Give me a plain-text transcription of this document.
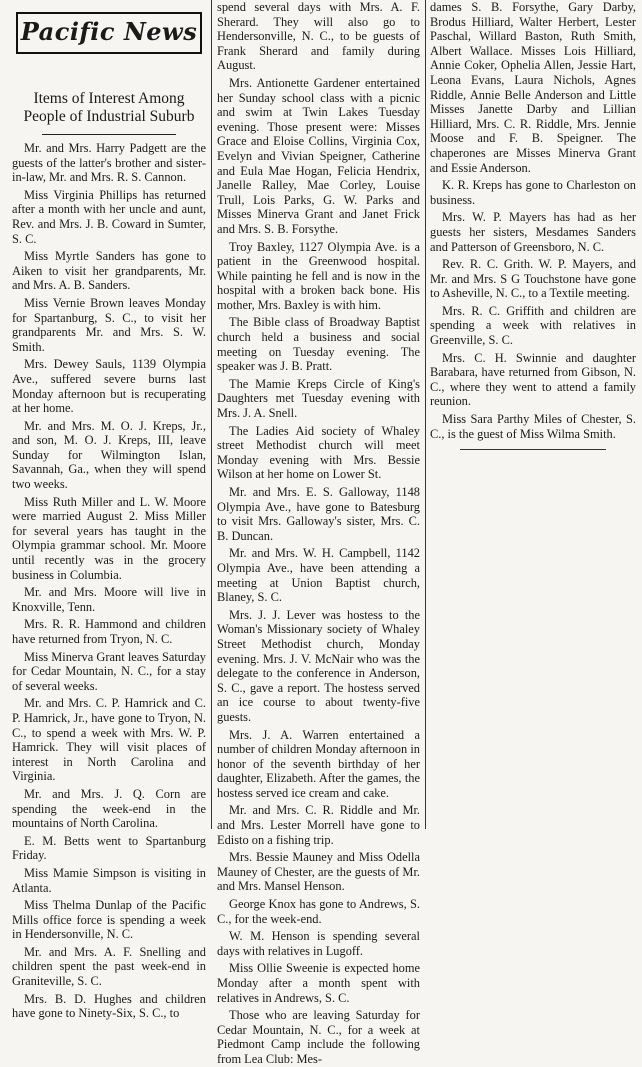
Pacific News
Items of Interest Among
People of Industrial Suburb

Mr. and Mrs. Harry Padgett are the guests of the latter's brother and sister-in-law, Mr. and Mrs. R. S. Cannon.

Miss Virginia Phillips has returned after a month with her uncle and aunt, Rev. and Mrs. J. B. Coward in Sumter, S. C.

Miss Myrtle Sanders has gone to Aiken to visit her grandparents, Mr. and Mrs. A. B. Sanders.

Miss Vernie Brown leaves Monday for Spartanburg, S. C., to visit her grandparents Mr. and Mrs. S. W. Smith.

Mrs. Dewey Sauls, 1139 Olympia Ave., suffered severe burns last Monday afternoon but is recuperating at her home.

Mr. and Mrs. M. O. J. Kreps, Jr., and son, M. O. J. Kreps, III, leave Sunday for Wilmington Islan, Savannah, Ga., when they will spend two weeks.

Miss Ruth Miller and L. W. Moore were married August 2. Miss Miller for several years has taught in the Olympia grammar school. Mr. Moore until recently was in the grocery business in Columbia.

Mr. and Mrs. Moore will live in Knoxville, Tenn.

Mrs. R. R. Hammond and children have returned from Tryon, N. C.

Miss Minerva Grant leaves Saturday for Cedar Mountain, N. C., for a stay of several weeks.

Mr. and Mrs. C. P. Hamrick and C. P. Hamrick, Jr., have gone to Tryon, N. C., to spend a week with Mrs. W. P. Hamrick. They will visit places of interest in North Carolina and Virginia.

Mr. and Mrs. J. Q. Corn are spending the week-end in the mountains of North Carolina.

E. M. Betts went to Spartanburg Friday.

Miss Mamie Simpson is visiting in Atlanta.

Miss Thelma Dunlap of the Pacific Mills office force is spending a week in Hendersonville, N. C.

Mr. and Mrs. A. F. Snelling and children spent the past week-end in Graniteville, S. C.

Mrs. B. D. Hughes and children have gone to Ninety-Six, S. C., to

spend several days with Mrs. A. F. Sherard. They will also go to Hendersonville, N. C., to be guests of Frank Sherard and family during August.

Mrs. Antionette Gardener entertained her Sunday school class with a picnic and swim at Twin Lakes Tuesday evening. Those present were: Misses Grace and Eloise Collins, Virginia Cox, Evelyn and Vivian Speigner, Catherine and Eula Mae Hogan, Felicia Hendrix, Janelle Ralley, Mae Corley, Louise Trull, Lois Parks, G. W. Parks and Misses Minerva Grant and Janet Frick and Mrs. S. B. Forsythe.

Troy Baxley, 1127 Olympia Ave. is a patient in the Greenwood hospital. While painting he fell and is now in the hospital with a broken back bone. His mother, Mrs. Baxley is with him.

The Bible class of Broadway Baptist church held a business and social meeting on Tuesday evening. The speaker was J. B. Pratt.

The Mamie Kreps Circle of King's Daughters met Tuesday evening with Mrs. J. A. Snell.

The Ladies Aid society of Whaley street Methodist church will meet Monday evening with Mrs. Bessie Wilson at her home on Lower St.

Mr. and Mrs. E. S. Galloway, 1148 Olympia Ave., have gone to Batesburg to visit Mrs. Galloway's sister, Mrs. C. B. Duncan.

Mr. and Mrs. W. H. Campbell, 1142 Olympia Ave., have been attending a meeting at Union Baptist church, Blaney, S. C.

Mrs. J. J. Lever was hostess to the Woman's Missionary society of Whaley Street Methodist church, Monday evening. Mrs. J. V. McNair who was the delegate to the conference in Anderson, S. C., gave a report. The hostess served an ice course to about twenty-five guests.

Mrs. J. A. Warren entertained a number of children Monday afternoon in honor of the seventh birthday of her daughter, Elizabeth. After the games, the hostess served ice cream and cake.

Mr. and Mrs. C. R. Riddle and Mr. and Mrs. Lester Morrell have gone to Edisto on a fishing trip.

Mrs. Bessie Mauney and Miss Odella Mauney of Chester, are the guests of Mr. and Mrs. Mansel Henson.

George Knox has gone to Andrews, S. C., for the week-end.

W. M. Henson is spending several days with relatives in Lugoff.

Miss Ollie Sweenie is expected home Monday after a month spent with relatives in Andrews, S. C.

Those who are leaving Saturday for Cedar Mountain, N. C., for a week at Piedmont Camp include the following from Lea Club: Mes-

dames S. B. Forsythe, Gary Darby, Brodus Hilliard, Walter Herbert, Lester Paschal, Willard Baston, Ruth Smith, Albert Wallace. Misses Lois Hilliard, Annie Coker, Ophelia Allen, Jessie Hart, Leona Evans, Laura Nichols, Agnes Riddle, Annie Belle Anderson and Little Misses Janette Darby and Lillian Hilliard, Mrs. C. R. Riddle, Mrs. Jennie Moose and F. B. Speigner. The chaperones are Misses Minerva Grant and Essie Anderson.

K. R. Kreps has gone to Charleston on business.

Mrs. W. P. Mayers has had as her guests her sisters, Mesdames Sanders and Patterson of Greensboro, N. C.

Rev. R. C. Grith. W. P. Mayers, and Mr. and Mrs. S G Touchstone have gone to Asheville, N. C., to a Textile meeting.

Mrs. R. C. Griffith and children are spending a week with relatives in Greenville, S. C.

Mrs. C. H. Swinnie and daughter Barabara, have returned from Gibson, N. C., where they went to attend a family reunion.

Miss Sara Parthy Miles of Chester, S. C., is the guest of Miss Wilma Smith.
